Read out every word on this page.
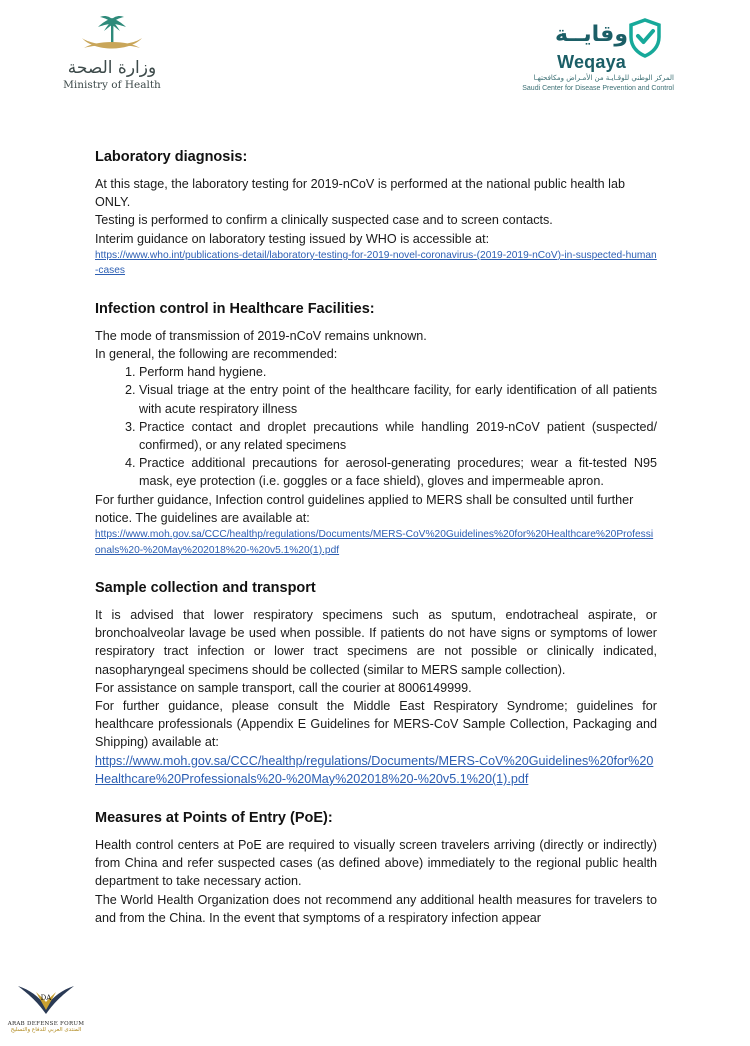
وزارة الصحة
Ministry of Health
وقايــة
Weqaya
المركز الوطني للوقـايـة من الأمـراض ومكافحتهـا
Saudi Center for Disease Prevention and Control
Laboratory diagnosis:

At this stage, the laboratory testing for 2019-nCoV is performed at the national public health lab ONLY.

Testing is performed to confirm a clinically suspected case and to screen contacts.

Interim guidance on laboratory testing issued by WHO is accessible at:

https://www.who.int/publications-detail/laboratory-testing-for-2019-novel-coronavirus-(2019-2019-nCoV)-in-suspected-human-cases
Infection control in Healthcare Facilities:

The mode of transmission of 2019-nCoV remains unknown.

In general, the following are recommended:

1. Perform hand hygiene.
2. Visual triage at the entry point of the healthcare facility, for early identification of all patients with acute respiratory illness
3. Practice contact and droplet precautions while handling 2019-nCoV patient (suspected/ confirmed), or any related specimens
4. Practice additional precautions for aerosol-generating procedures; wear a fit-tested N95 mask, eye protection (i.e. goggles or a face shield), gloves and impermeable apron.

For further guidance, Infection control guidelines applied to MERS shall be consulted until further notice. The guidelines are available at:

https://www.moh.gov.sa/CCC/healthp/regulations/Documents/MERS-CoV%20Guidelines%20for%20Healthcare%20Professionals%20-%20May%202018%20-%20v5.1%20(1).pdf
Sample collection and transport

It is advised that lower respiratory specimens such as sputum, endotracheal aspirate, or bronchoalveolar lavage be used when possible. If patients do not have signs or symptoms of lower respiratory tract infection or lower tract specimens are not possible or clinically indicated, nasopharyngeal specimens should be collected (similar to MERS sample collection).

For assistance on sample transport, call the courier at 8006149999.

For further guidance, please consult the Middle East Respiratory Syndrome; guidelines for healthcare professionals (Appendix E Guidelines for MERS-CoV Sample Collection, Packaging and Shipping) available at:

https://www.moh.gov.sa/CCC/healthp/regulations/Documents/MERS-CoV%20Guidelines%20for%20Healthcare%20Professionals%20-%20May%202018%20-%20v5.1%20(1).pdf
Measures at Points of Entry (PoE):

Health control centers at PoE are required to visually screen travelers arriving (directly or indirectly) from China and refer suspected cases (as defined above) immediately to the regional public health department to take necessary action.

The World Health Organization does not recommend any additional health measures for travelers to and from the China. In the event that symptoms of a respiratory infection appear

DA
ARAB DEFENSE FORUM
المنتدى العربي للدفاع والتسليح
